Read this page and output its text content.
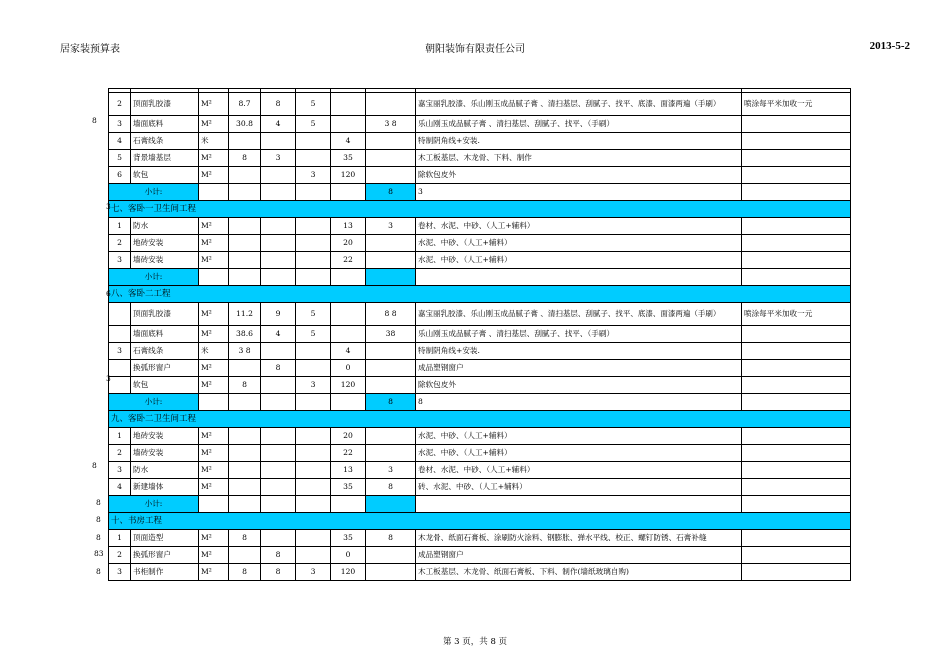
居家装预算表	朝阳装饰有限责任公司	2013-5-2

2	顶面乳胶漆	M²	8.7	8	5			嘉宝丽乳胶漆、乐山刚玉成品腻子膏 、清扫基层、刮腻子、找平、底漆、面漆两遍（手刷）	喷涂每平米加收一元
3	墙面底料	M²	30.8	4	5		3 8	乐山刚玉成品腻子膏 、清扫基层、刮腻子、找平、（手刷）	
4	石膏线条	米				4		特制阴角线+安装.	
5	背景墙基层	M²	8	3		35		木工板基层、木龙骨、下料、制作	
6	软包	M²			3	120		除软包皮外	
小计:							8	3	
七、客卧一卫生间工程									
1	防水	M²				13	3	卷材、水泥、中砂、（人工+辅料）	
2	地砖安装	M²				20		水泥、中砂、（人工+辅料）	
3	墙砖安装	M²				22		水泥、中砂、（人工+辅料）	
小计:									
八、客卧二工程									
	顶面乳胶漆	M²	11.2	9	5		8 8	嘉宝丽乳胶漆、乐山刚玉成品腻子膏 、清扫基层、刮腻子、找平、底漆、面漆两遍（手刷）	喷涂每平米加收一元
	墙面底料	M²	38.6	4	5		38	乐山刚玉成品腻子膏 、清扫基层、刮腻子、找平、（手刷）	
3	石膏线条	米	3 8			4		特制阴角线+安装.	
	换弧形窗户	M²		8		0		成品塑钢窗户	
	软包	M²	8		3	120		除软包皮外	
小计:							8	8	
九、客卧二卫生间工程									
1	地砖安装	M²				20		水泥、中砂、（人工+辅料）	
2	墙砖安装	M²				22		水泥、中砂、（人工+辅料）	
3	防水	M²				13	3	卷材、水泥、中砂、（人工+辅料）	
4	新建墙体	M²				35	8	砖、水泥、中砂、（人工+辅料）	
小计:									
十、书房工程									
1	顶面造型	M²	8			35	8	木龙骨、纸面石膏板、涂刷防火涂料、钢膨胀、弹水平线、校正、螺钉防锈、石膏补缝	
2	换弧形窗户	M²		8		0		成品塑钢窗户	
3	书柜制作	M²	8	8	3	120		木工板基层、木龙骨、纸面石膏板、下料、制作(墙纸玻璃自购)	
8
3
6
3
8
8
8
8
83
8
第 3 页，共 8 页
